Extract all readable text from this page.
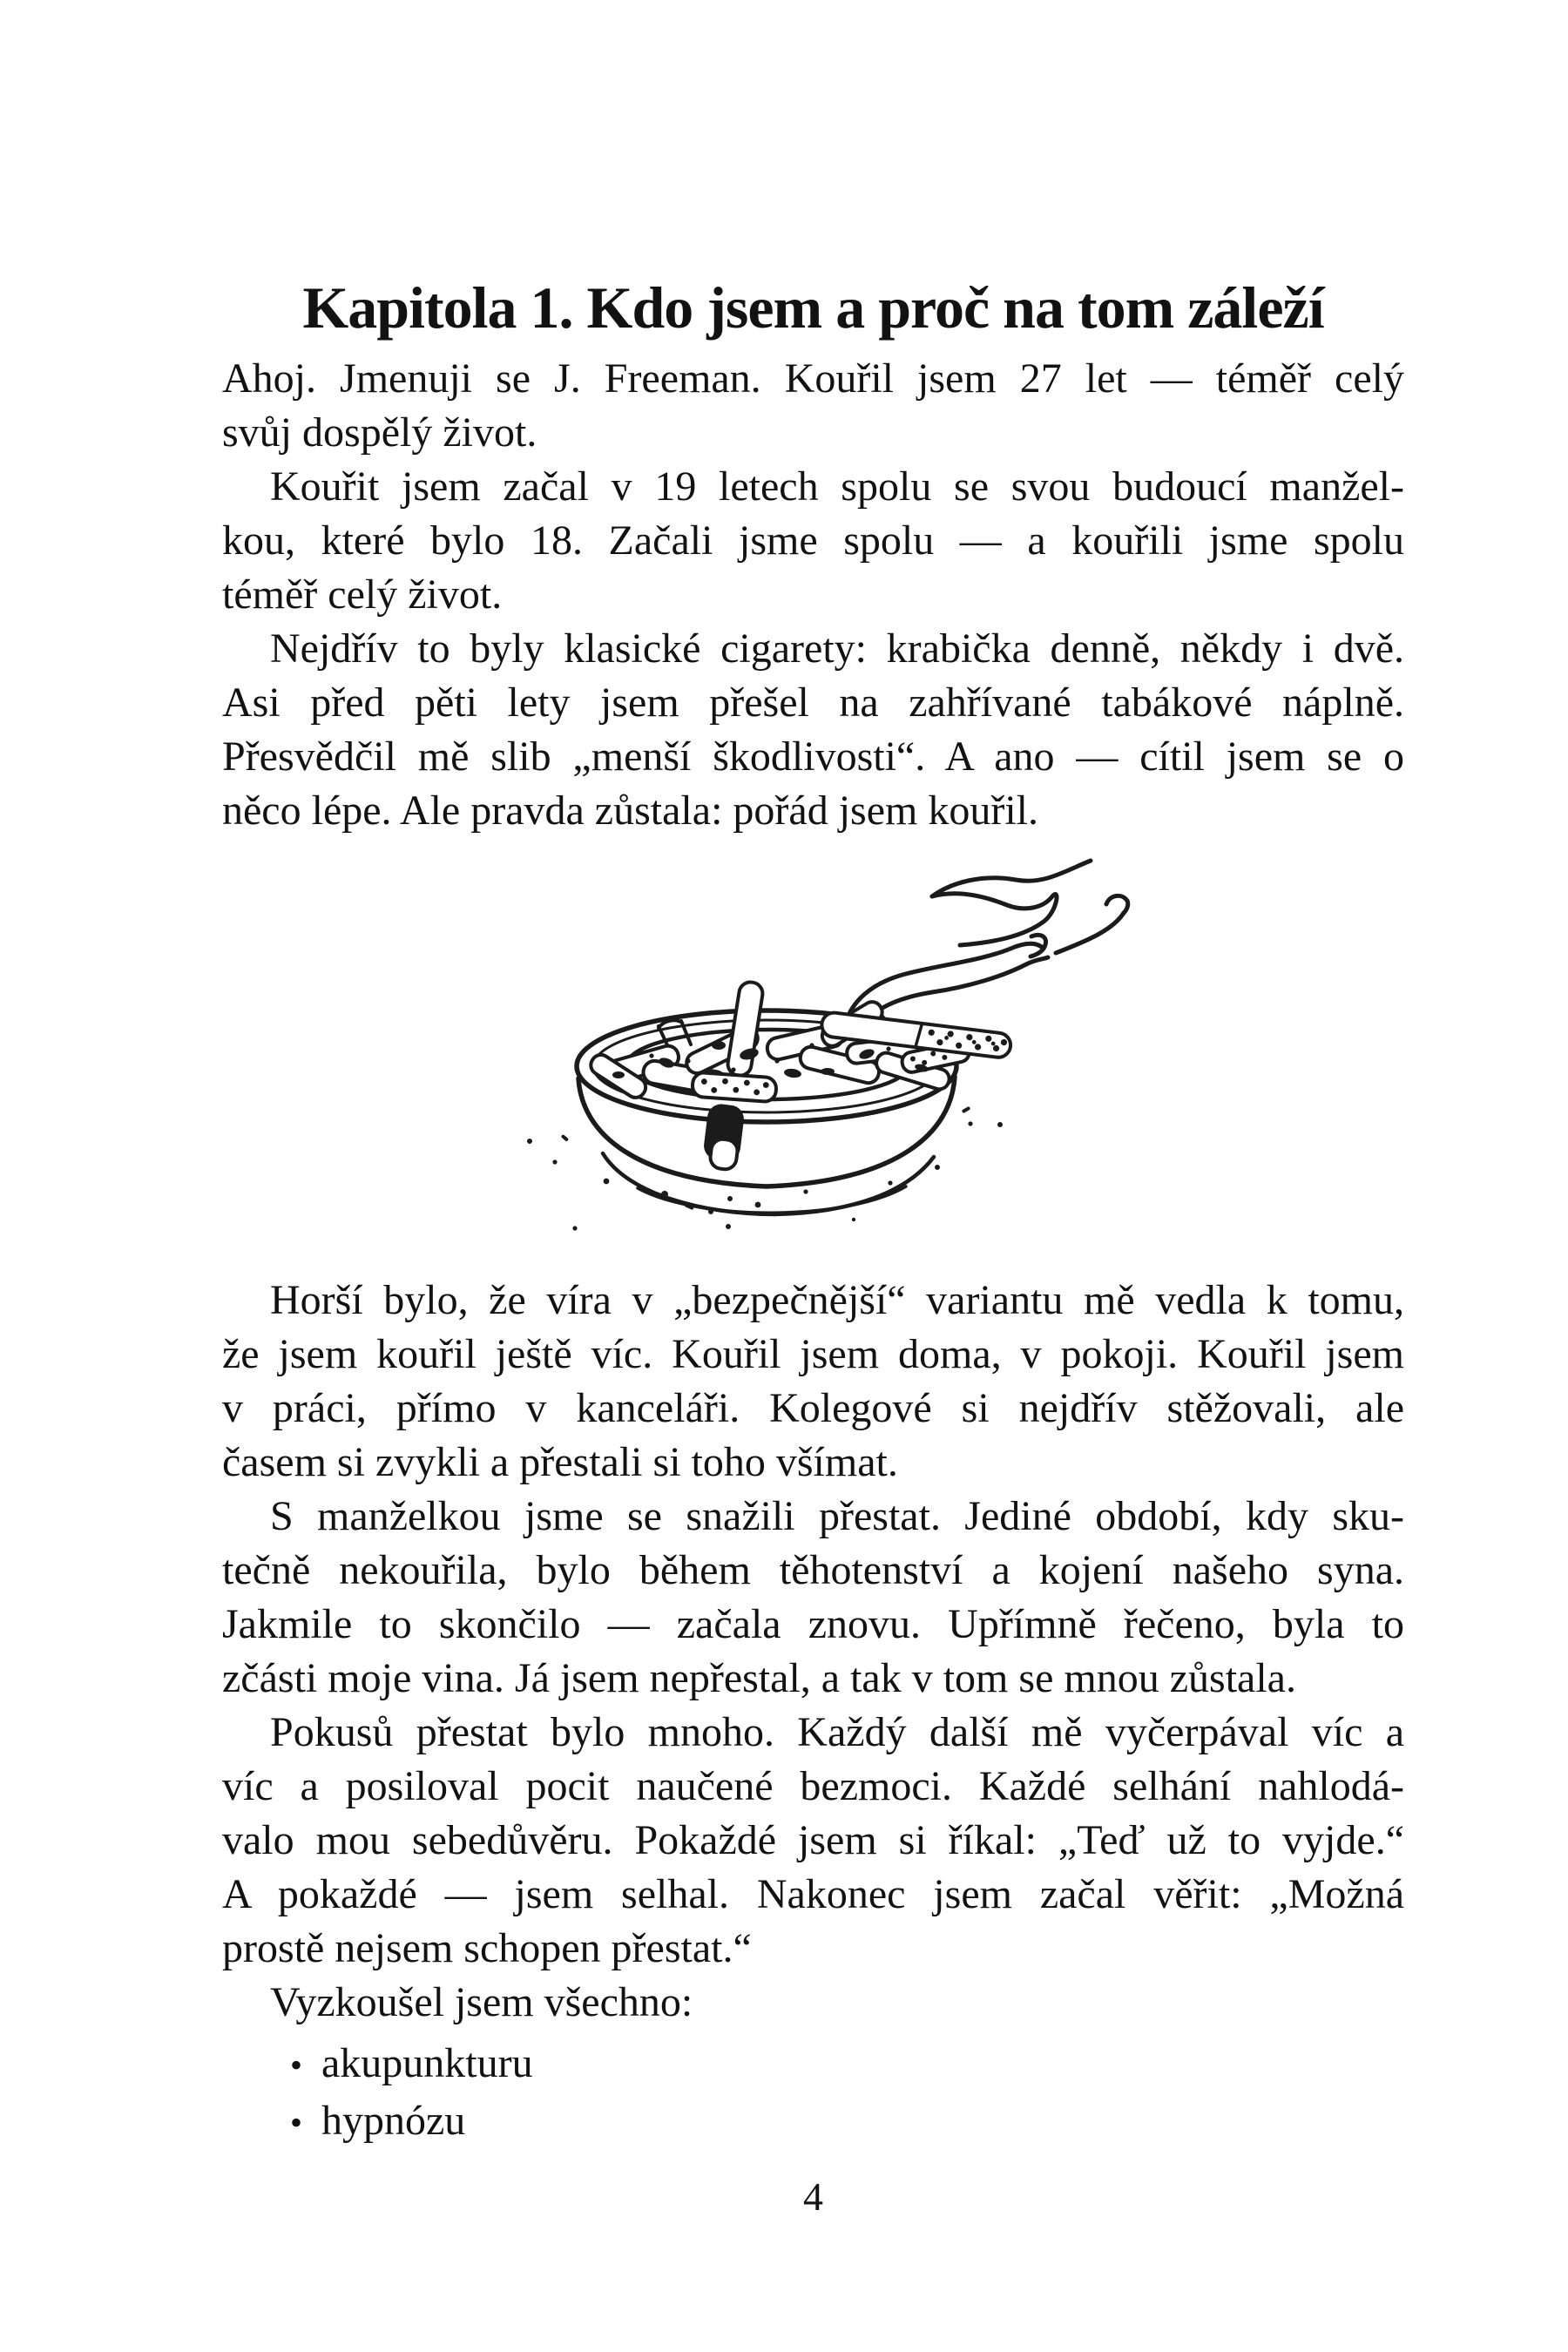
Kapitola 1. Kdo jsem a proč na tom záleží
Ahoj. Jmenuji se J. Freeman. Kouřil jsem 27 let — téměř celý
svůj dospělý život.
Kouřit jsem začal v 19 letech spolu se svou budoucí manžel-
kou, které bylo 18. Začali jsme spolu — a kouřili jsme spolu
téměř celý život.
Nejdřív to byly klasické cigarety: krabička denně, někdy i dvě.
Asi před pěti lety jsem přešel na zahřívané tabákové náplně.
Přesvědčil mě slib „menší škodlivosti“. A ano — cítil jsem se o
něco lépe. Ale pravda zůstala: pořád jsem kouřil.
Horší bylo, že víra v „bezpečnější“ variantu mě vedla k tomu,
že jsem kouřil ještě víc. Kouřil jsem doma, v pokoji. Kouřil jsem
v práci, přímo v kanceláři. Kolegové si nejdřív stěžovali, ale
časem si zvykli a přestali si toho všímat.
S manželkou jsme se snažili přestat. Jediné období, kdy sku-
tečně nekouřila, bylo během těhotenství a kojení našeho syna.
Jakmile to skončilo — začala znovu. Upřímně řečeno, byla to
zčásti moje vina. Já jsem nepřestal, a tak v tom se mnou zůstala.
Pokusů přestat bylo mnoho. Každý další mě vyčerpával víc a
víc a posiloval pocit naučené bezmoci. Každé selhání nahlodá-
valo mou sebedůvěru. Pokaždé jsem si říkal: „Teď už to vyjde.“
A pokaždé — jsem selhal. Nakonec jsem začal věřit: „Možná
prostě nejsem schopen přestat.“
Vyzkoušel jsem všechno:
• akupunkturu
• hypnózu
4
